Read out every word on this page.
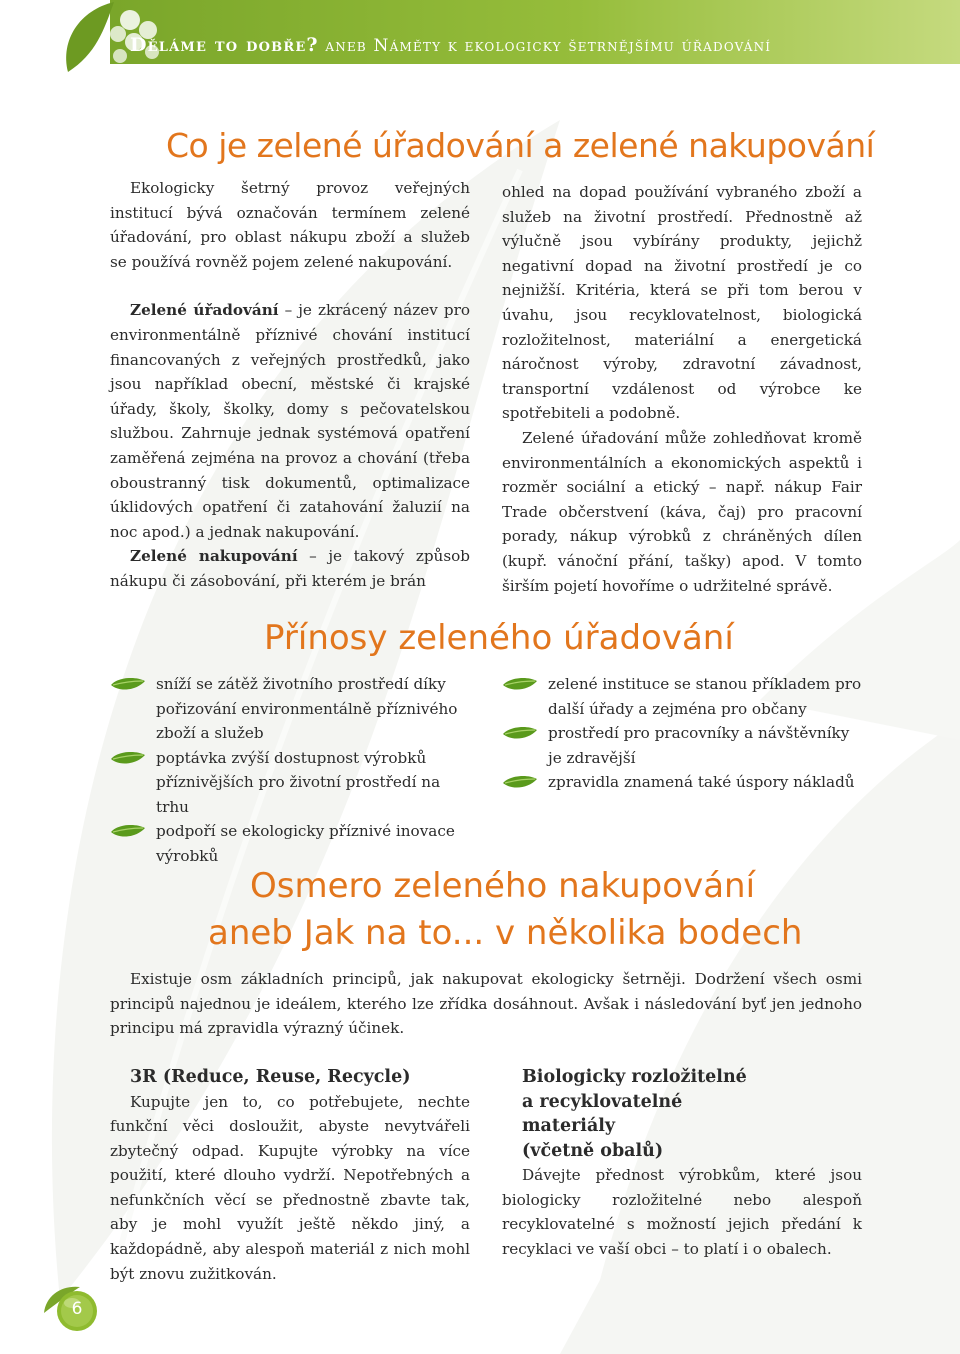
Děláme to dobře? aneb Náměty k ekologicky šetrnějšímu úřadování
Co je zelené úřadování a zelené nakupování

Ekologicky šetrný provoz veřejných institucí bývá označován termínem zelené úřadování, pro oblast nákupu zboží a služeb se používá rovněž pojem zelené nakupování.

Zelené úřadování – je zkrácený název pro environmentálně příznivé chování institucí financovaných z veřejných prostředků, jako jsou například obecní, městské či krajské úřady, školy, školky, domy s pečovatelskou službou. Zahrnuje jednak systémová opatření zaměřená zejména na provoz a chování (třeba oboustranný tisk dokumentů, optimalizace úklidových opatření či zatahování žaluzií na noc apod.) a jednak nakupování.

Zelené nakupování – je takový způsob nákupu či zásobování, při kterém je brán

ohled na dopad používání vybraného zboží a služeb na životní prostředí. Přednostně až výlučně jsou vybírány produkty, jejichž negativní dopad na životní prostředí je co nejnižší. Kritéria, která se při tom berou v úvahu, jsou recyklovatelnost, biologická rozložitelnost, materiální a energetická náročnost výroby, zdravotní závadnost, transportní vzdálenost od výrobce ke spotřebiteli a podobně.

Zelené úřadování může zohledňovat kromě environmentálních a ekonomických aspektů i rozměr sociální a etický – např. nákup Fair Trade občerstvení (káva, čaj) pro pracovní porady, nákup výrobků z chráněných dílen (kupř. vánoční přání, tašky) apod. V tomto širším pojetí hovoříme o udržitelné správě.

Přínosy zeleného úřadování
sníží se zátěž životního prostředí díky pořizování environmentálně příznivého zboží a služeb
poptávka zvýší dostupnost výrobků příznivějších pro životní prostředí na trhu
podpoří se ekologicky příznivé inovace výrobků
zelené instituce se stanou příkladem pro další úřady a zejména pro občany
prostředí pro pracovníky a návštěvníky je zdravější
zpravidla znamená také úspory nákladů
Osmero zeleného nakupování
aneb Jak na to... v několika bodech

Existuje osm základních principů, jak nakupovat ekologicky šetrněji. Dodržení všech osmi principů najednou je ideálem, kterého lze zřídka dosáhnout. Avšak i následování byť jen jednoho principu má zpravidla výrazný účinek.

3R (Reduce, Reuse, Recycle)

Kupujte jen to, co potřebujete, nechte funkční věci dosloužit, abyste nevytvářeli zbytečný odpad. Kupujte výrobky na více použití, které dlouho vydrží. Nepotřebných a nefunkčních věcí se přednostně zbavte tak, aby je mohl využít ještě někdo jiný, a každopádně, aby alespoň materiál z nich mohl být znovu zužitkován.

Biologicky rozložitelné

a recyklovatelné

materiály

(včetně obalů)

Dávejte přednost výrobkům, které jsou biologicky rozložitelné nebo alespoň recyklovatelné s možností jejich předání k recyklaci ve vaší obci – to platí i o obalech.

6
